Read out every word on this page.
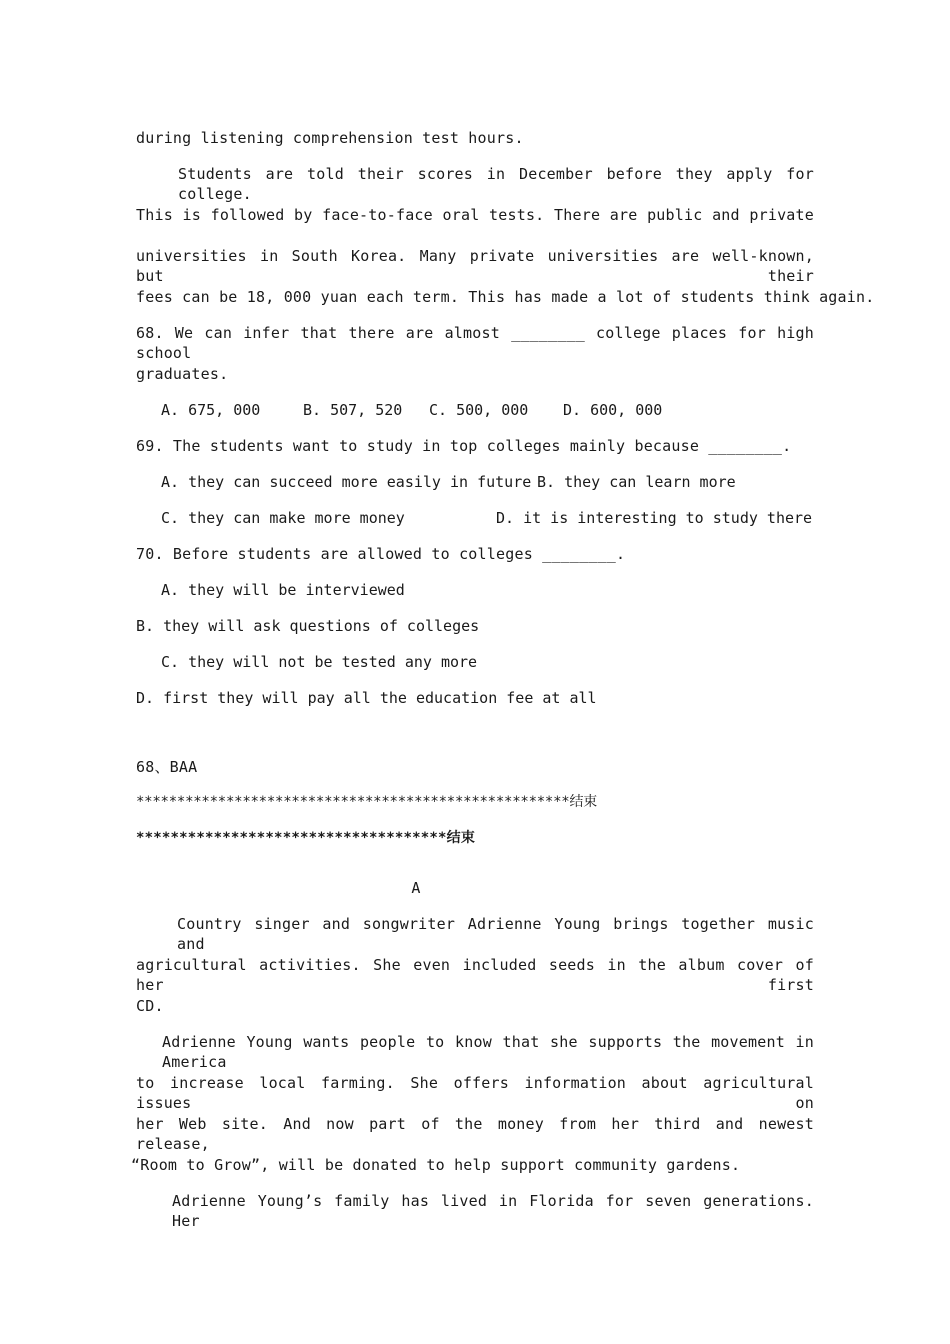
during listening comprehension test hours.
Students are told their scores in December before they apply for college.
This is followed by face-to-face oral tests. There are public and private
universities in South Korea. Many private universities are well-known, but their
fees can be 18, 000 yuan each term. This has made a lot of students think again.
68. We can infer that there are almost ________ college places for high school
graduates.
A. 675, 000	B. 507, 520 C. 500, 000 D. 600, 000
69. The students want to study in top colleges mainly because ________.
A. they can succeed more easily in future B. they can learn more
C. they can make more money	D. it is interesting to study there
70. Before students are allowed to colleges ________.
A. they will be interviewed
B. they will ask questions of colleges
C. they will not be tested any more
D. first they will pay all the education fee at all
68、BAA
*****************************************************结束
************************************结束
A
Country singer and songwriter Adrienne Young brings together music and
agricultural activities. She even included seeds in the album cover of her first
CD.
Adrienne Young wants people to know that she supports the movement in America
to increase local farming. She offers information about agricultural issues on
her Web site. And now part of the money from her third and newest release,
“Room to Grow”, will be donated to help support community gardens.
Adrienne Young’s family has lived in Florida for seven generations. Her
